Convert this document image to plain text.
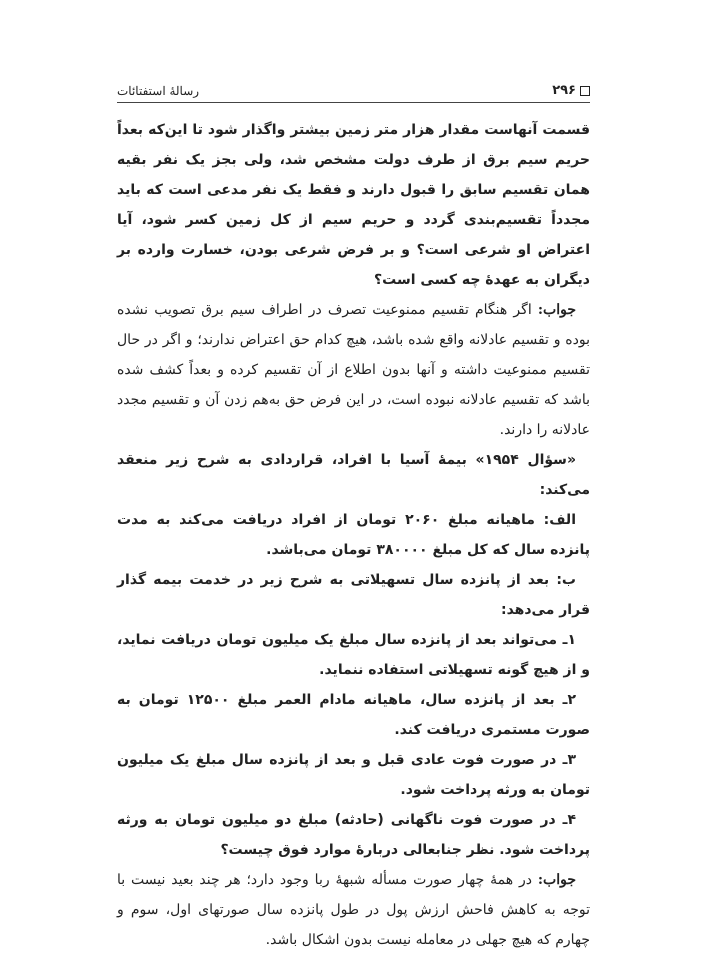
۲۹۶
رسالهٔ استفتائات

قسمت آنهاست مقدار هزار متر زمین بیشتر واگذار شود تا این‌که بعداً حریم سیم برق از طرف دولت مشخص شد، ولی بجز یک نفر بقیه همان تقسیم سابق را قبول دارند و فقط یک نفر مدعی است که باید مجدداً تقسیم‌بندی گردد و حریم سیم از کل زمین کسر شود، آیا اعتراض او شرعی است؟ و بر فرض شرعی بودن، خسارت وارده بر دیگران به عهدهٔ چه کسی است؟

جواب: اگر هنگام تقسیم ممنوعیت تصرف در اطراف سیم برق تصویب نشده بوده و تقسیم عادلانه واقع شده باشد، هیچ کدام حق اعتراض ندارند؛ و اگر در حال تقسیم ممنوعیت داشته و آنها بدون اطلاع از آن تقسیم کرده و بعداً کشف شده باشد که تقسیم عادلانه نبوده است، در این فرض حق به‌هم زدن آن و تقسیم مجدد عادلانه را دارند.

«سؤال ۱۹۵۴» بیمهٔ آسیا با افراد، قراردادی به شرح زیر منعقد می‌کند:

الف: ماهیانه مبلغ ۲۰۶۰ تومان از افراد دریافت می‌کند به مدت پانزده سال که کل مبلغ ۳۸۰۰۰۰ تومان می‌باشد.

ب: بعد از پانزده سال تسهیلاتی به شرح زیر در خدمت بیمه گذار قرار می‌دهد:

۱ـ می‌تواند بعد از پانزده سال مبلغ یک میلیون تومان دریافت نماید، و از هیچ گونه تسهیلاتی استفاده ننماید.

۲ـ بعد از پانزده سال، ماهیانه مادام العمر مبلغ ۱۲۵۰۰ تومان به صورت مستمری دریافت کند.

۳ـ در صورت فوت عادی قبل و بعد از پانزده سال مبلغ یک میلیون تومان به ورثه پرداخت شود.

۴ـ در صورت فوت ناگهانی (حادثه) مبلغ دو میلیون تومان به ورثه پرداخت شود. نظر جنابعالی دربارهٔ موارد فوق چیست؟

جواب: در همهٔ چهار صورت مسأله شبههٔ ربا وجود دارد؛ هر چند بعید نیست با توجه به کاهش فاحش ارزش پول در طول پانزده سال صورتهای اول، سوم و چهارم که هیچ جهلی در معامله نیست بدون اشکال باشد.
